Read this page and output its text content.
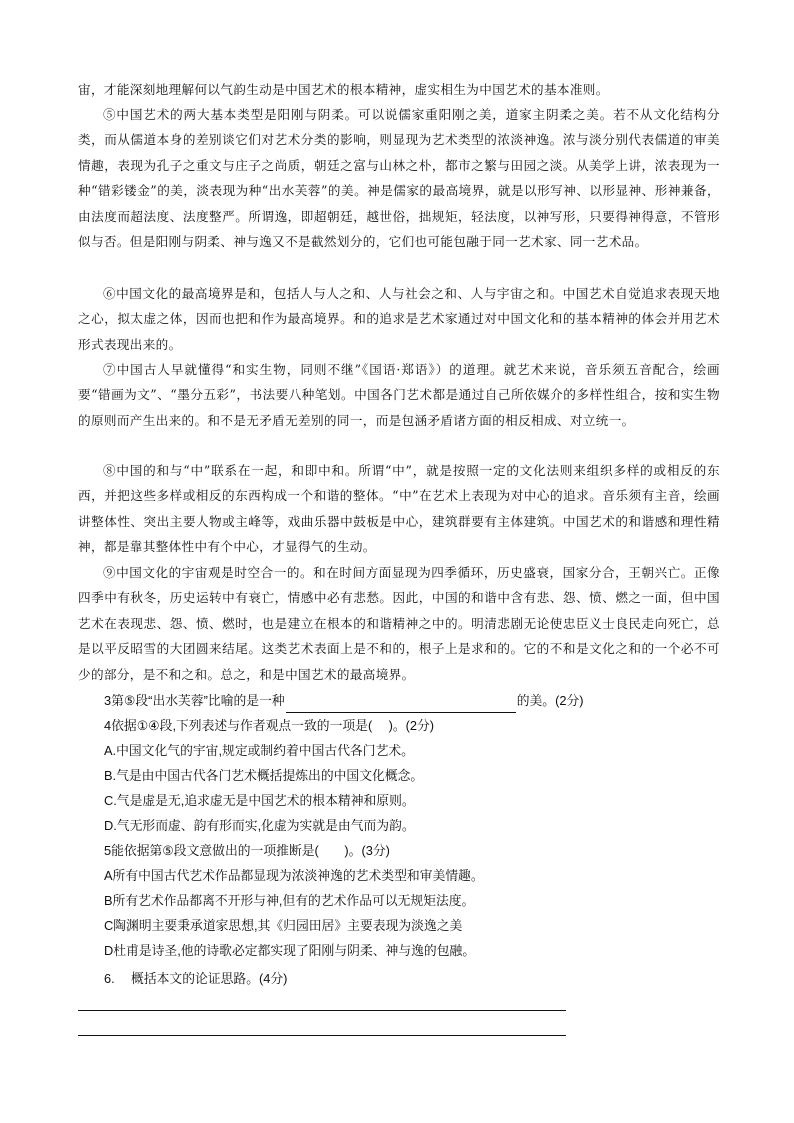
宙，才能深刻地理解何以气韵生动是中国艺术的根本精神，虚实相生为中国艺术的基本准则。

⑤中国艺术的两大基本类型是阳刚与阴柔。可以说儒家重阳刚之美，道家主阴柔之美。若不从文化结构分类，而从儒道本身的差别谈它们对艺术分类的影响，则显现为艺术类型的浓淡神逸。浓与淡分别代表儒道的审美情趣，表现为孔子之重文与庄子之尚质，朝廷之富与山林之朴，都市之繁与田园之淡。从美学上讲，浓表现为一种“错彩镂金”的美，淡表现为种“出水芙蓉”的美。神是儒家的最高境界，就是以形写神、以形显神、形神兼备，由法度而超法度、法度整严。所谓逸，即超朝廷，越世俗，拙规矩，轻法度，以神写形，只要得神得意，不管形似与否。但是阳刚与阴柔、神与逸又不是截然划分的，它们也可能包融于同一艺术家、同一艺术品。

⑥中国文化的最高境界是和，包括人与人之和、人与社会之和、人与宇宙之和。中国艺术自觉追求表现天地之心，拟太虚之体，因而也把和作为最高境界。和的追求是艺术家通过对中国文化和的基本精神的体会并用艺术形式表现出来的。

⑦中国古人早就懂得“和实生物，同则不继”《国语·郑语》）的道理。就艺术来说，音乐须五音配合，绘画要“错画为文”、“墨分五彩”，书法要八种笔划。中国各门艺术都是通过自己所依媒介的多样性组合，按和实生物的原则而产生出来的。和不是无矛盾无差别的同一，而是包涵矛盾诸方面的相反相成、对立统一。

⑧中国的和与“中”联系在一起，和即中和。所谓“中”，就是按照一定的文化法则来组织多样的或相反的东西，并把这些多样或相反的东西构成一个和谐的整体。“中”在艺术上表现为对中心的追求。音乐须有主音，绘画讲整体性、突出主要人物或主峰等，戏曲乐器中鼓板是中心，建筑群要有主体建筑。中国艺术的和谐感和理性精神，都是靠其整体性中有个中心，才显得气的生动。

⑨中国文化的宇宙观是时空合一的。和在时间方面显现为四季循环，历史盛衰，国家分合，王朝兴亡。正像四季中有秋冬，历史运转中有衰亡，情感中必有悲愁。因此，中国的和谐中含有悲、怨、愤、燃之一面，但中国艺术在表现悲、怨、愤、燃时，也是建立在根本的和谐精神之中的。明清悲剧无论使忠臣义士良民走向死亡，总是以平反昭雪的大团圆来结尾。这类艺术表面上是不和的，根子上是求和的。它的不和是文化之和的一个必不可少的部分，是不和之和。总之，和是中国艺术的最高境界。

3第⑤段“出水芙蓉”比喻的是一种	的美。(2分)
4依据①④段,下列表述与作者观点一致的一项是(　 )。(2分)
A.中国文化气的宇宙,规定或制约着中国古代各门艺术。
B.气是由中国古代各门艺术概括提炼出的中国文化概念。
C.气是虚是无,追求虚无是中国艺术的根本精神和原则。
D.气无形而虚、韵有形而实,化虚为实就是由气而为韵。
5能依据第⑤段文意做出的一项推断是(　　)。(3分)
A所有中国古代艺术作品都显现为浓淡神逸的艺术类型和审美情趣。
B所有艺术作品都离不开形与神,但有的艺术作品可以无规矩法度。
C陶渊明主要秉承道家思想,其《归园田居》主要表现为淡逸之美
D杜甫是诗圣,他的诗歌必定都实现了阳刚与阴柔、神与逸的包融。
6.　 概括本文的论证思路。(4分)
